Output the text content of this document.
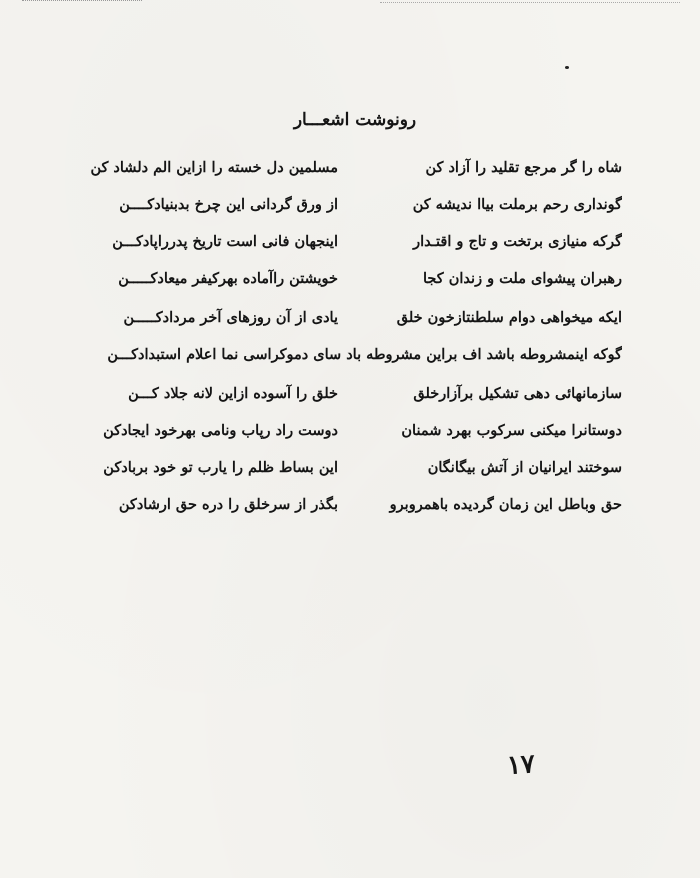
رونوشت اشعـــار
شاه را گر مرجع تقلید را آزاد کن
مسلمین دل خسته را ازاین الم دلشاد کن
گونداری رحم برملت بیاا ندیشه کن
از ورق گردانی این چرخ بدبنیادکــــن
گرکه منیازی برتخت و تاج و اقتـدار
اینجهان فانی است تاریخ پدرراپادکـــن
رهبران پیشوای ملت و زندان کجا
خویشتن راآماده بهرکیفر میعادکـــــن
ایکه میخواهی دوام سلطنتازخون خلق
یادی از آن روزهای آخر مردادکـــــن
گوکه اینمشروطه باشد اف براین مشروطه باد سای دموکراسی نما اعلام استبدادکـــن
سازمانهائی دهی تشکیل برآزارخلق
خلق را آسوده ازاین لانه جلاد کـــن
دوستانرا میکنی سرکوب بهرد شمنان
دوست راد رپاب ونامی بهرخود ایجادکن
سوختند ایرانیان از آتش بیگانگان
این بساط ظلم را یارب تو خود بربادکن
حق وباطل این زمان گردیده باهمروبرو
بگذر از سرخلق را دره حق ارشادکن
۱۷
